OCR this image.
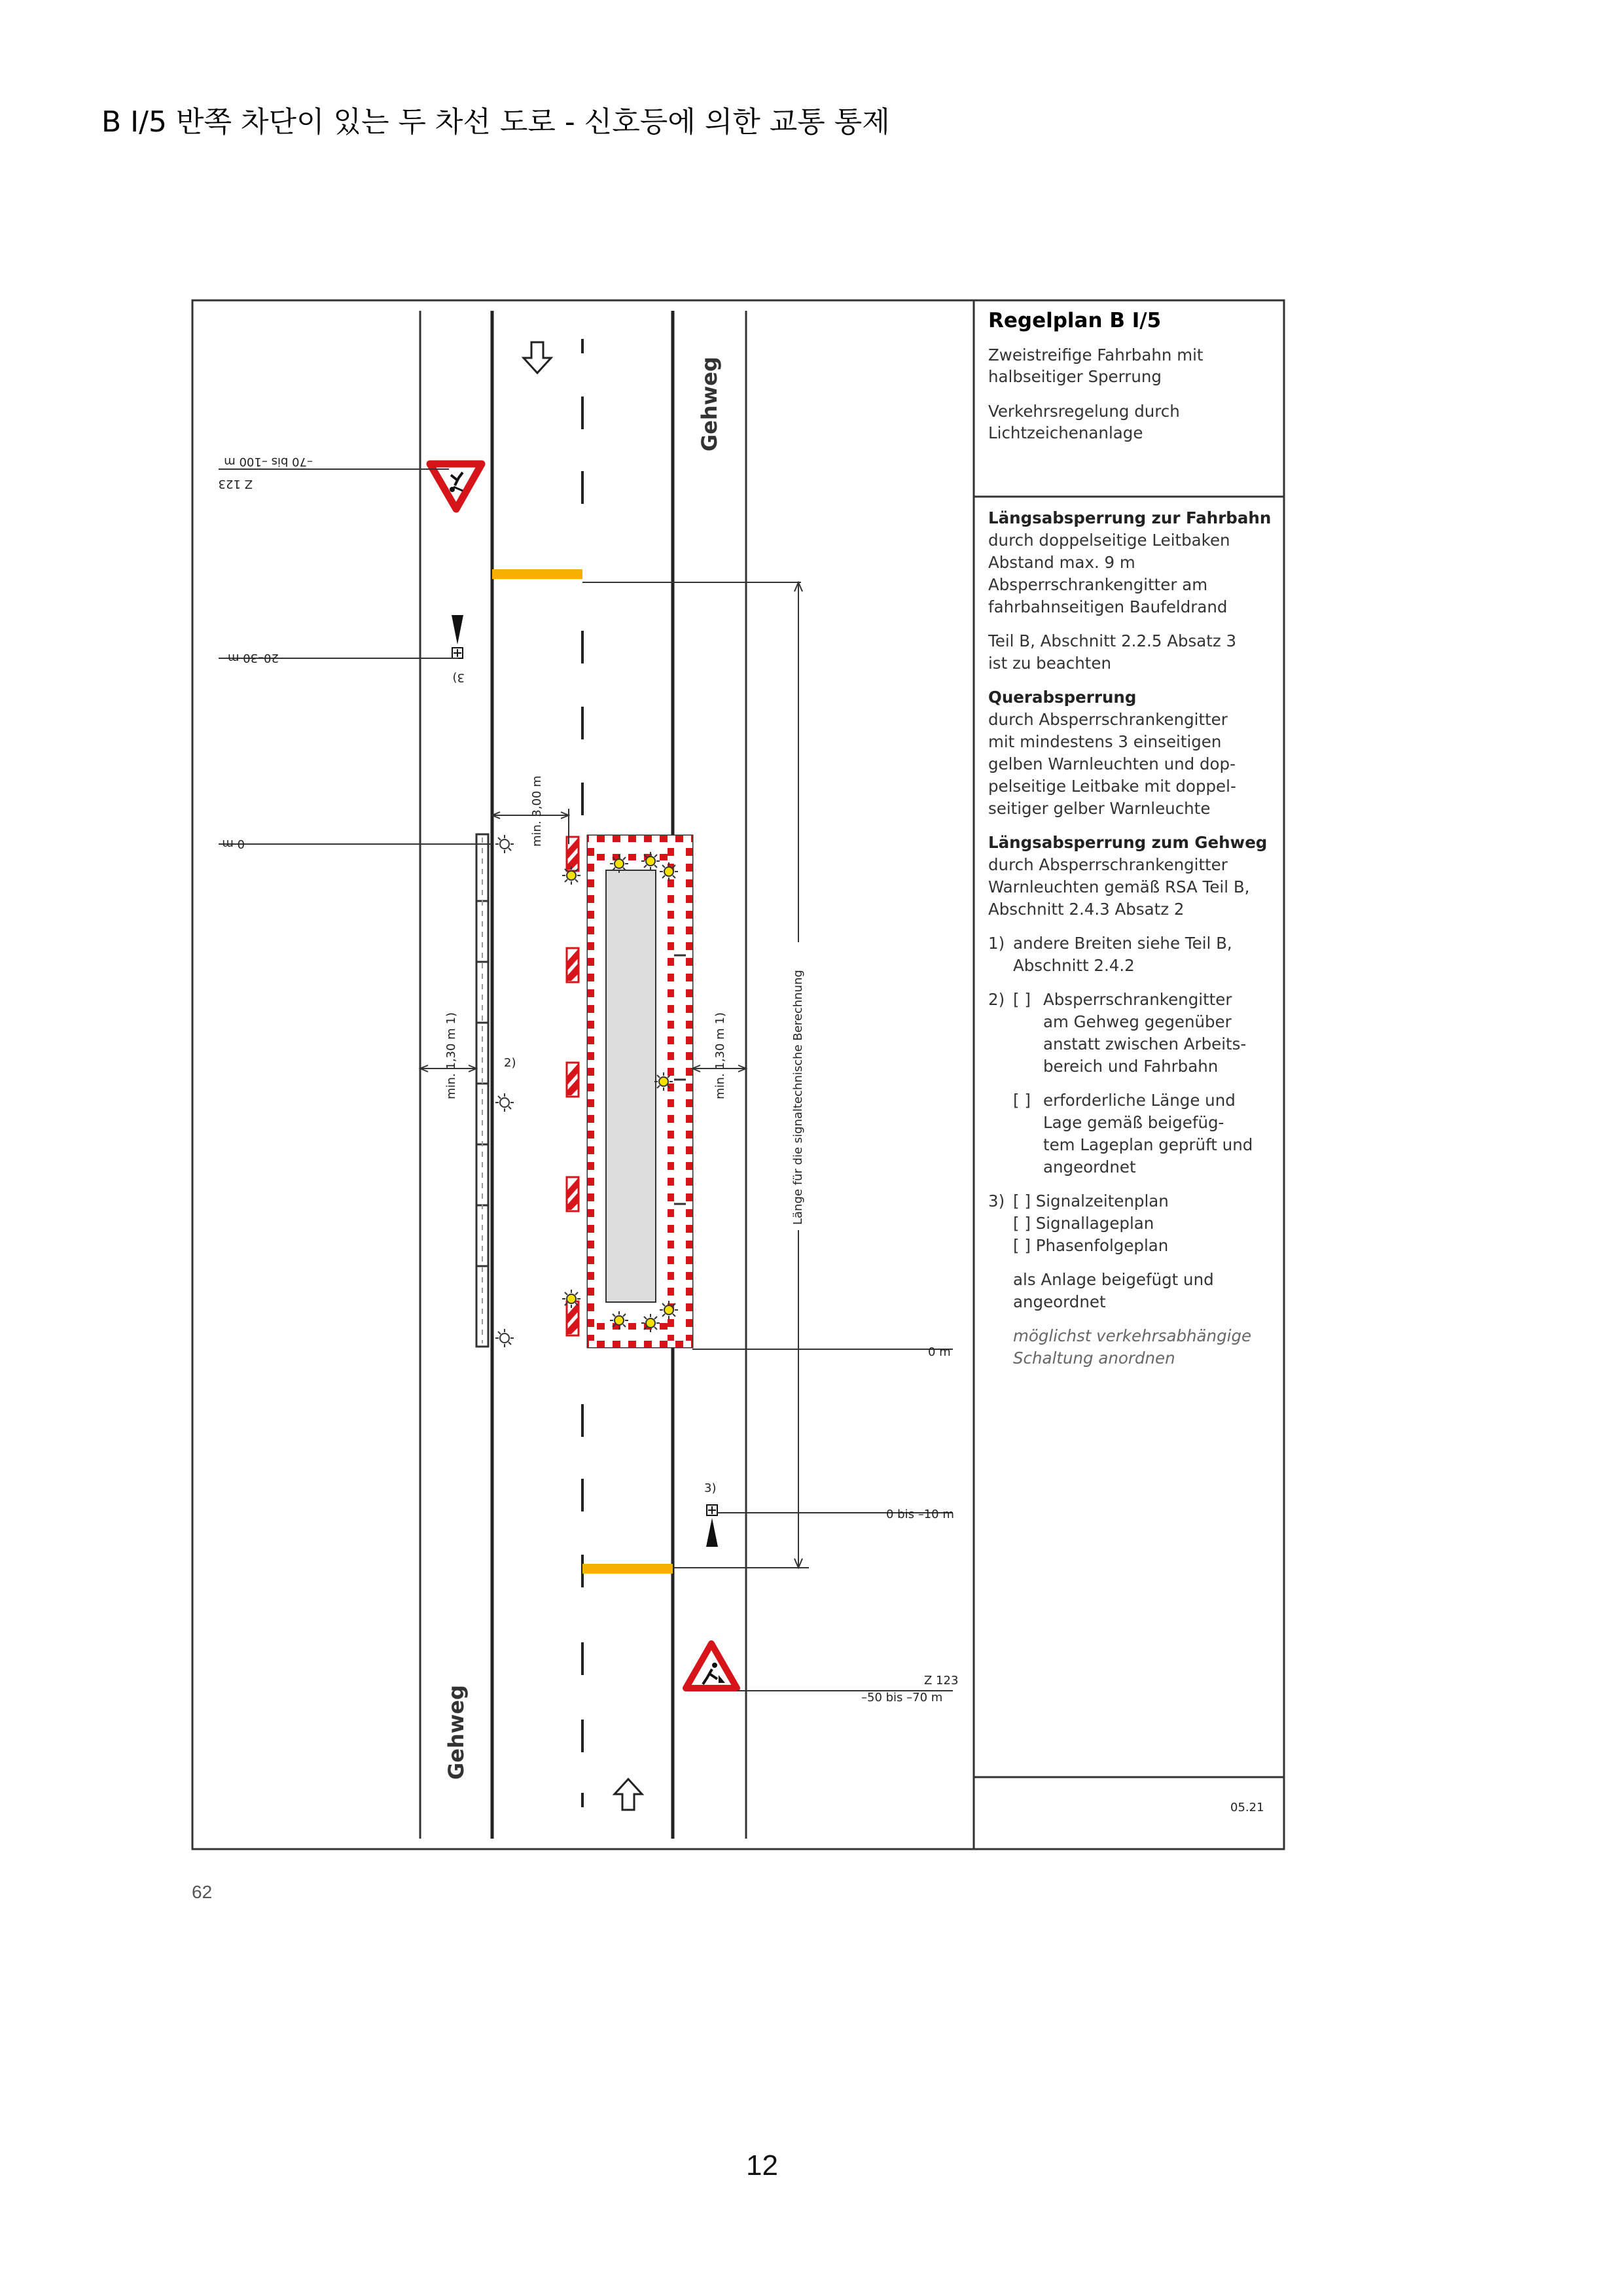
B I/5 반쪽 차단이 있는 두 차선 도로 - 신호등에 의한 교통 통제
Gehweg
Gehweg
–70 bis –100 m
Z 123
20–30 m
3)
0 m
0 m
0 bis –10 m
3)
Z 123
–50 bis –70 m
Länge für die signaltechnische Berechnung
min. 3,00 m
min. 1,30 m 1)	2)	min. 1,30 m 1)
Regelplan B I/5
Zweistreifige Fahrbahn mit
halbseitiger Sperrung
Verkehrsregelung durch
Lichtzeichenanlage
Längsabsperrung zur Fahrbahn
durch doppelseitige Leitbaken
Abstand max. 9 m
Absperrschrankengitter am
fahrbahnseitigen Baufeldrand
Teil B, Abschnitt 2.2.5 Absatz 3
ist zu beachten
Querabsperrung
durch Absperrschrankengitter
mit mindestens 3 einseitigen
gelben Warnleuchten und dop-
pelseitige Leitbake mit doppel-
seitiger gelber Warnleuchte
Längsabsperrung zum Gehweg
durch Absperrschrankengitter
Warnleuchten gemäß RSA Teil B,
Abschnitt 2.4.3 Absatz 2
1) andere Breiten siehe Teil B,
Abschnitt 2.4.2
2) [ ] Absperrschrankengitter
am Gehweg gegenüber
anstatt zwischen Arbeits-
bereich und Fahrbahn
[ ] erforderliche Länge und
Lage gemäß beigefüg-
tem Lageplan geprüft und
angeordnet
3) [ ] Signalzeitenplan
[ ] Signallageplan
[ ] Phasenfolgeplan
als Anlage beigefügt und
angeordnet
möglichst verkehrsabhängige
Schaltung anordnen
05.21
62
12
